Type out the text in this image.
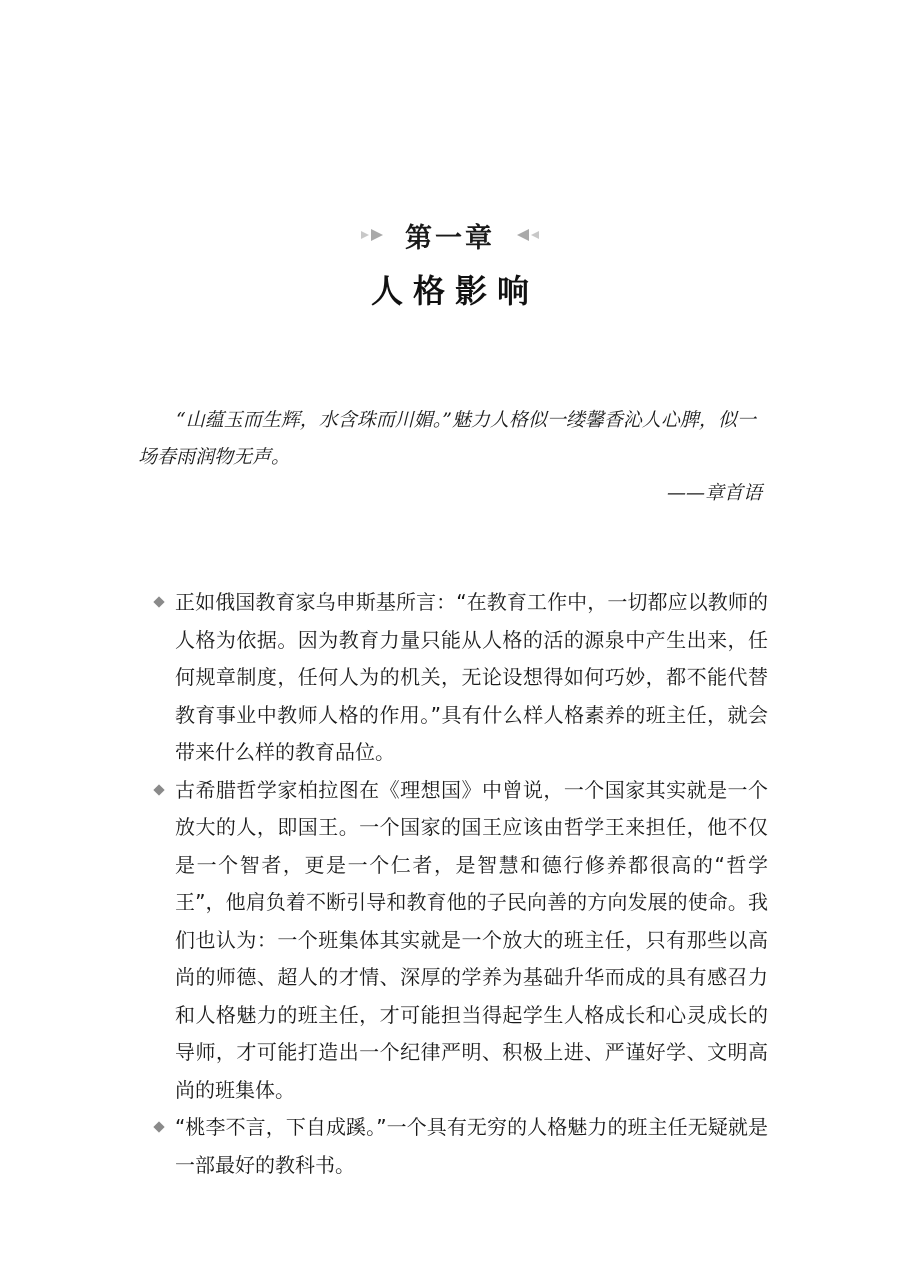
第一章
人格影响
“山蕴玉而生辉，水含珠而川媚。”魅力人格似一缕馨香沁人心脾，似一场春雨润物无声。
——章首语
正如俄国教育家乌申斯基所言：“在教育工作中，一切都应以教师的人格为依据。因为教育力量只能从人格的活的源泉中产生出来，任何规章制度，任何人为的机关，无论设想得如何巧妙，都不能代替教育事业中教师人格的作用。”具有什么样人格素养的班主任，就会带来什么样的教育品位。
古希腊哲学家柏拉图在《理想国》中曾说，一个国家其实就是一个放大的人，即国王。一个国家的国王应该由哲学王来担任，他不仅是一个智者，更是一个仁者，是智慧和德行修养都很高的“哲学王”，他肩负着不断引导和教育他的子民向善的方向发展的使命。我们也认为：一个班集体其实就是一个放大的班主任，只有那些以高尚的师德、超人的才情、深厚的学养为基础升华而成的具有感召力和人格魅力的班主任，才可能担当得起学生人格成长和心灵成长的导师，才可能打造出一个纪律严明、积极上进、严谨好学、文明高尚的班集体。
“桃李不言，下自成蹊。”一个具有无穷的人格魅力的班主任无疑就是一部最好的教科书。
